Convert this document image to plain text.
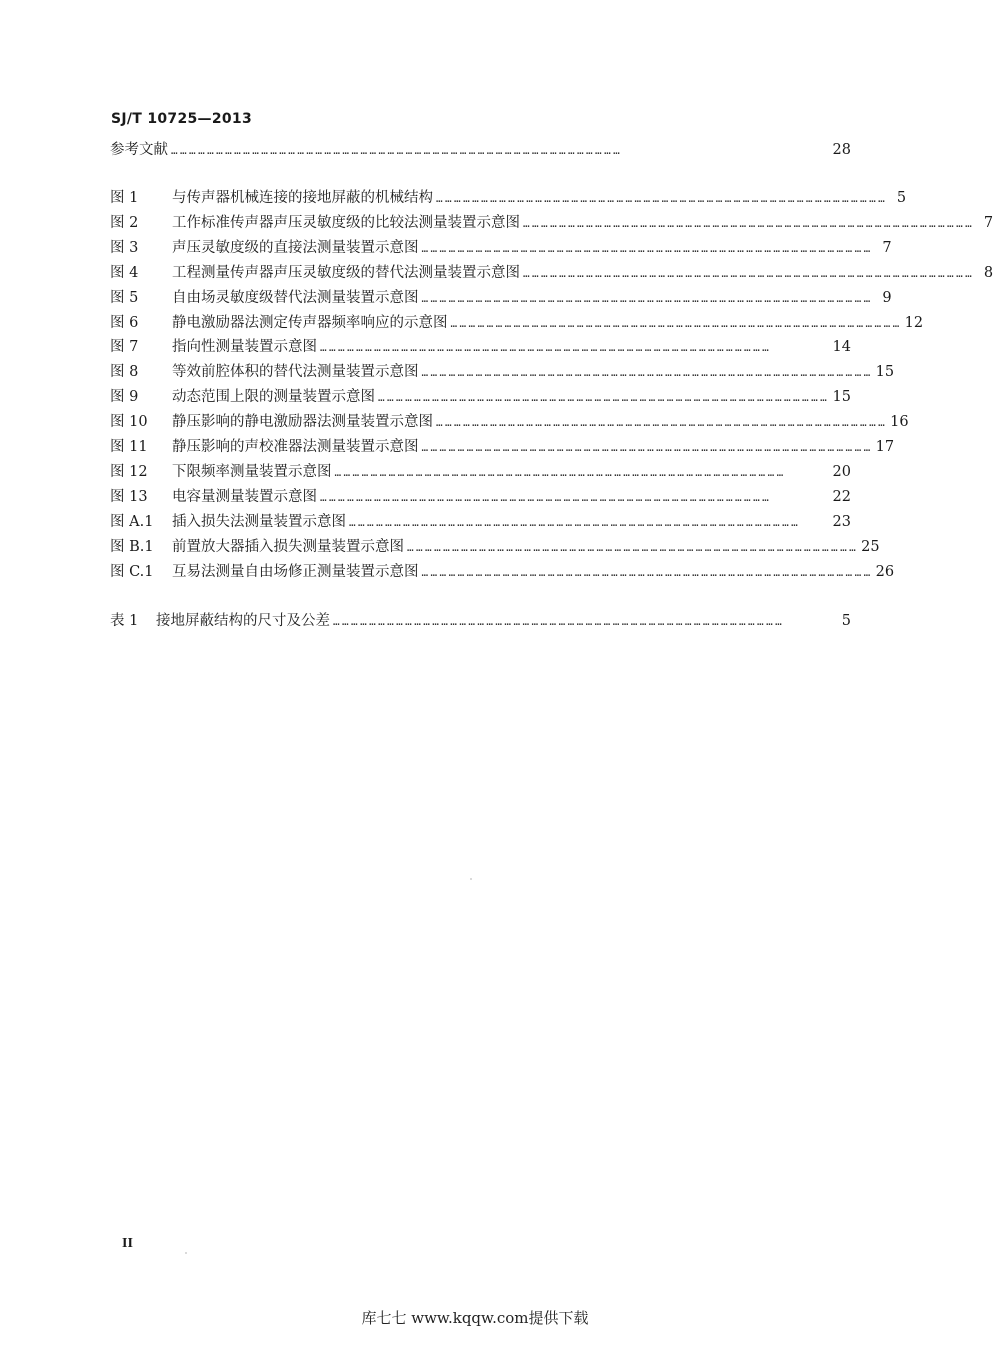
SJ/T 10725—2013
参考文献 ……………………………………………………………………………………………………………………………………	28
图 1	与传声器机械连接的接地屏蔽的机械结构 …………………………………………………………………………………………………………………………………… 5
图 2	工作标准传声器声压灵敏度级的比较法测量装置示意图 …………………………………………………………………………………………………………………………………… 7
图 3	声压灵敏度级的直接法测量装置示意图 …………………………………………………………………………………………………………………………………… 7
图 4	工程测量传声器声压灵敏度级的替代法测量装置示意图 …………………………………………………………………………………………………………………………………… 8
图 5	自由场灵敏度级替代法测量装置示意图 …………………………………………………………………………………………………………………………………… 9
图 6	静电激励器法测定传声器频率响应的示意图 …………………………………………………………………………………………………………………………………… 12
图 7	指向性测量装置示意图 ……………………………………………………………………………………………………………………………………	14
图 8	等效前腔体积的替代法测量装置示意图 …………………………………………………………………………………………………………………………………… 15
图 9	动态范围上限的测量装置示意图 …………………………………………………………………………………………………………………………………… 15
图 10	静压影响的静电激励器法测量装置示意图 …………………………………………………………………………………………………………………………………… 16
图 11	静压影响的声校准器法测量装置示意图 …………………………………………………………………………………………………………………………………… 17
图 12	下限频率测量装置示意图 ……………………………………………………………………………………………………………………………………	20
图 13	电容量测量装置示意图 ……………………………………………………………………………………………………………………………………	22
图 A.1	插入损失法测量装置示意图 ……………………………………………………………………………………………………………………………………	23
图 B.1	前置放大器插入损失测量装置示意图 …………………………………………………………………………………………………………………………………… 25
图 C.1	互易法测量自由场修正测量装置示意图 …………………………………………………………………………………………………………………………………… 26
表 1	接地屏蔽结构的尺寸及公差 ……………………………………………………………………………………………………………………………………	5
II
库七七 www.kqqw.com提供下载
